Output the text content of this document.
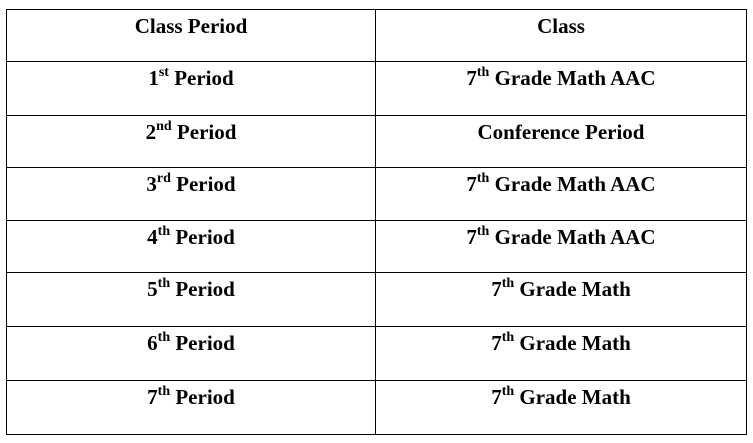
Class Period	Class
1st Period	7th Grade Math AAC
2nd Period	Conference Period
3rd Period	7th Grade Math AAC
4th Period	7th Grade Math AAC
5th Period	7th Grade Math
6th Period	7th Grade Math
7th Period	7th Grade Math
